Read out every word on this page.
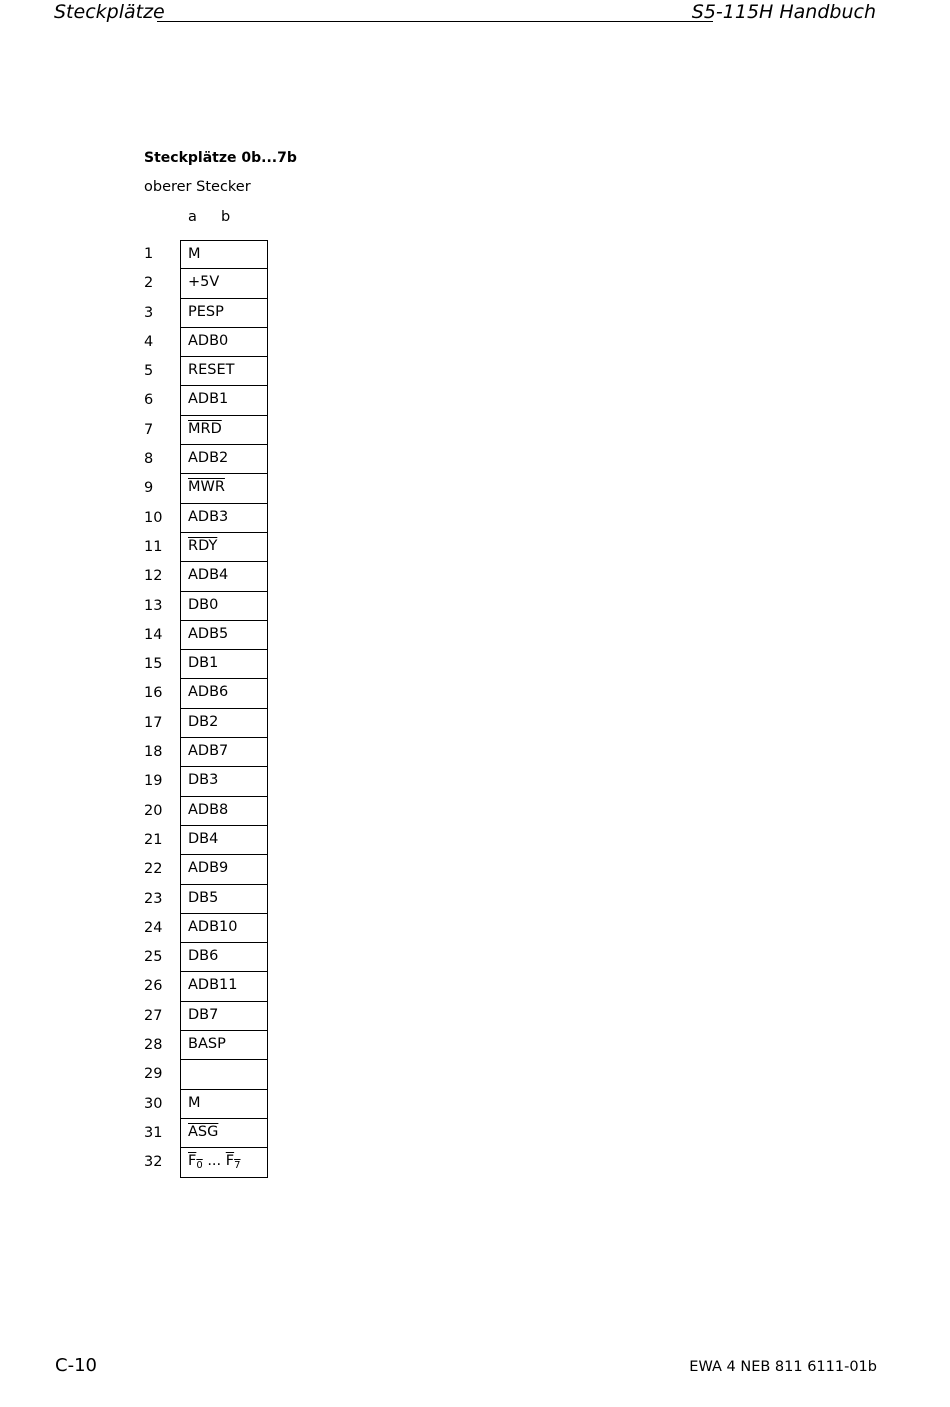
Steckplätze	S5-115H Handbuch
Steckplätze 0b...7b
oberer Stecker
a b
1	M
2	+5V
3	PESP
4	ADB0
5	RESET
6	ADB1
7	$\overline{MRD}$
8	ADB2
9	$\overline{MWR}$
10	ADB3
11	$\overline{RDY}$
12	ADB4
13	DB0
14	ADB5
15	DB1
16	ADB6
17	DB2
18	ADB7
19	DB3
20	ADB8
21	DB4
22	ADB9
23	DB5
24	ADB10
25	DB6
26	ADB11
27	DB7
28	BASP
29
30	M
31	$\overline{ASG}$
32	$F_0$ ... $F_7$
C-10	EWA 4 NEB 811 6111-01b
